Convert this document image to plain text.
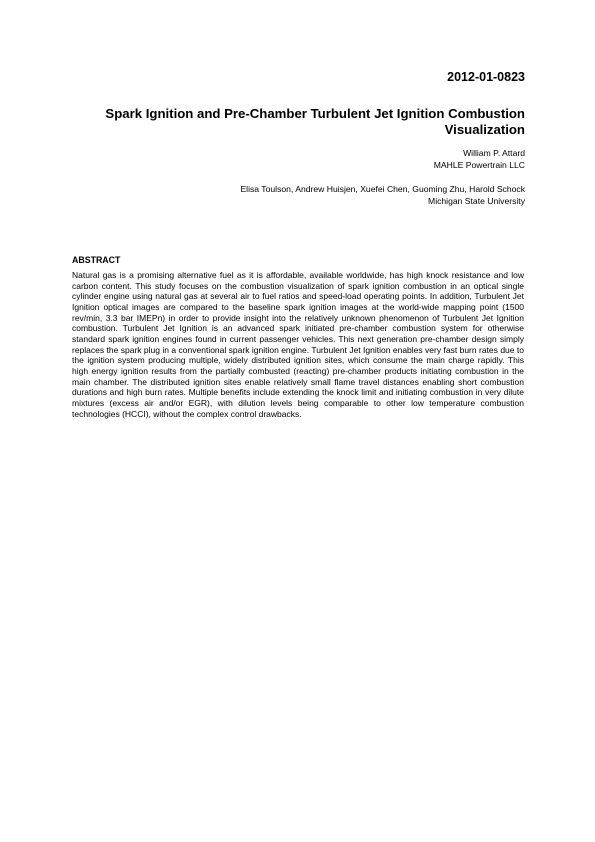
2012-01-0823

Spark Ignition and Pre-Chamber Turbulent Jet Ignition Combustion Visualization
William P. Attard
MAHLE Powertrain LLC
Elisa Toulson, Andrew Huisjen, Xuefei Chen, Guoming Zhu, Harold Schock
Michigan State University
ABSTRACT

Natural gas is a promising alternative fuel as it is affordable, available worldwide, has high knock resistance and low carbon content. This study focuses on the combustion visualization of spark ignition combustion in an optical single cylinder engine using natural gas at several air to fuel ratios and speed-load operating points. In addition, Turbulent Jet Ignition optical images are compared to the baseline spark ignition images at the world-wide mapping point (1500 rev/min, 3.3 bar IMEPn) in order to provide insight into the relatively unknown phenomenon of Turbulent Jet Ignition combustion. Turbulent Jet Ignition is an advanced spark initiated pre-chamber combustion system for otherwise standard spark ignition engines found in current passenger vehicles. This next generation pre-chamber design simply replaces the spark plug in a conventional spark ignition engine. Turbulent Jet Ignition enables very fast burn rates due to the ignition system producing multiple, widely distributed ignition sites, which consume the main charge rapidly. This high energy ignition results from the partially combusted (reacting) pre-chamber products initiating combustion in the main chamber. The distributed ignition sites enable relatively small flame travel distances enabling short combustion durations and high burn rates. Multiple benefits include extending the knock limit and initiating combustion in very dilute mixtures (excess air and/or EGR), with dilution levels being comparable to other low temperature combustion technologies (HCCI), without the complex control drawbacks.
